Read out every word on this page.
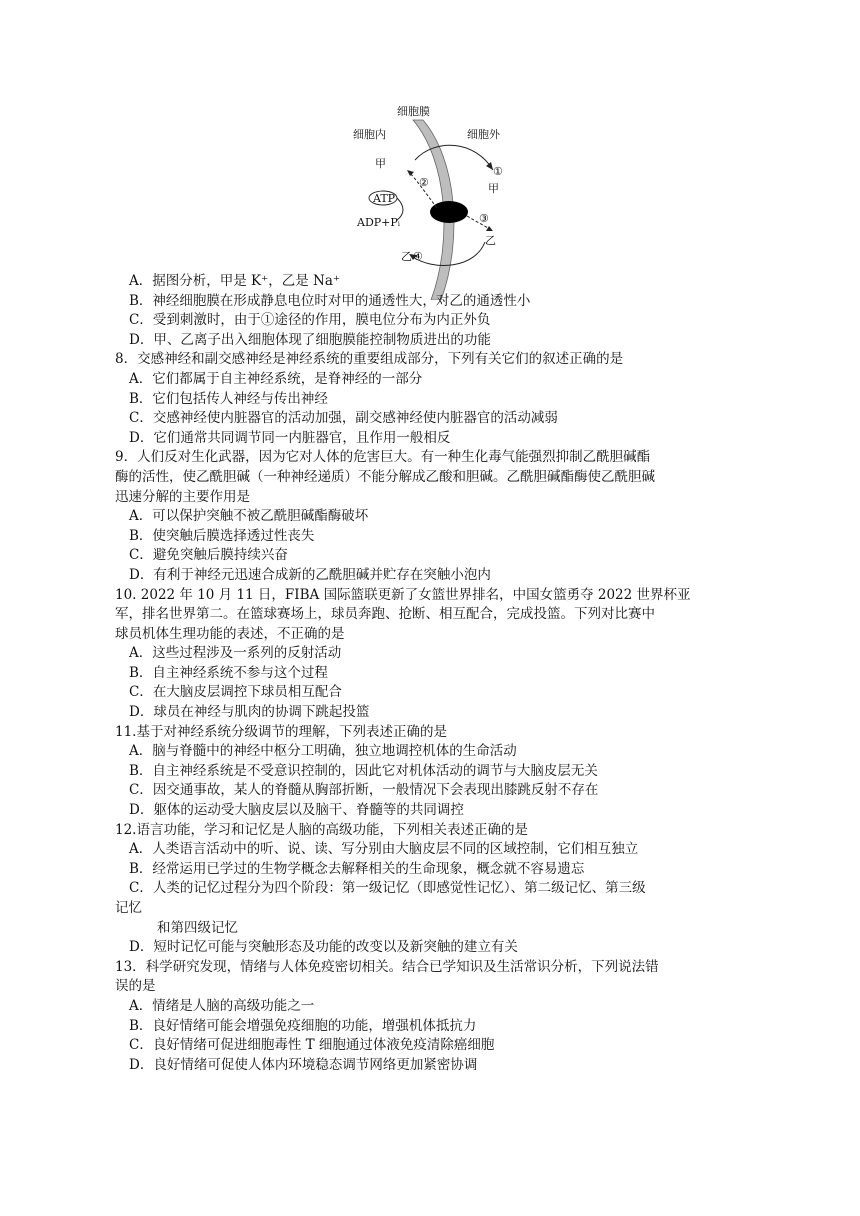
细胞膜
细胞内	细胞外
甲
①
②	甲
ATP
ADP+Pᵢ	③
乙
乙 ④
A．据图分析，甲是 K⁺，乙是 Na⁺
B．神经细胞膜在形成静息电位时对甲的通透性大，对乙的通透性小
C．受到刺激时，由于①途径的作用，膜电位分布为内正外负
D．甲、乙离子出入细胞体现了细胞膜能控制物质进出的功能
8．交感神经和副交感神经是神经系统的重要组成部分，下列有关它们的叙述正确的是
A．它们都属于自主神经系统，是脊神经的一部分
B．它们包括传人神经与传出神经
C．交感神经使内脏器官的活动加强，副交感神经使内脏器官的活动减弱
D．它们通常共同调节同一内脏器官，且作用一般相反
9．人们反对生化武器，因为它对人体的危害巨大。有一种生化毒气能强烈抑制乙酰胆碱酯
酶的活性，使乙酰胆碱（一种神经递质）不能分解成乙酸和胆碱。乙酰胆碱酯酶使乙酰胆碱
迅速分解的主要作用是
A．可以保护突触不被乙酰胆碱酯酶破坏
B．使突触后膜选择透过性丧失
C．避免突触后膜持续兴奋
D．有利于神经元迅速合成新的乙酰胆碱并贮存在突触小泡内
10. 2022 年 10 月 11 日，FIBA 国际篮联更新了女篮世界排名，中国女篮勇夺 2022 世界杯亚
军，排名世界第二。在篮球赛场上，球员奔跑、抢断、相互配合，完成投篮。下列对比赛中
球员机体生理功能的表述，不正确的是
A．这些过程涉及一系列的反射活动
B．自主神经系统不参与这个过程
C．在大脑皮层调控下球员相互配合
D．球员在神经与肌肉的协调下跳起投篮
11.基于对神经系统分级调节的理解，下列表述正确的是
A．脑与脊髓中的神经中枢分工明确，独立地调控机体的生命活动
B．自主神经系统是不受意识控制的，因此它对机体活动的调节与大脑皮层无关
C．因交通事故，某人的脊髓从胸部折断，一般情况下会表现出膝跳反射不存在
D．躯体的运动受大脑皮层以及脑干、脊髓等的共同调控
12.语言功能，学习和记忆是人脑的高级功能，下列相关表述正确的是
A．人类语言活动中的听、说、读、写分别由大脑皮层不同的区域控制，它们相互独立
B．经常运用已学过的生物学概念去解释相关的生命现象，概念就不容易遗忘
C．人类的记忆过程分为四个阶段：第一级记忆（即感觉性记忆）、第二级记忆、第三级
记忆
和第四级记忆
D．短时记忆可能与突触形态及功能的改变以及新突触的建立有关
13．科学研究发现，情绪与人体免疫密切相关。结合已学知识及生活常识分析，下列说法错
误的是
A．情绪是人脑的高级功能之一
B．良好情绪可能会增强免疫细胞的功能，增强机体抵抗力
C．良好情绪可促进细胞毒性 T 细胞通过体液免疫清除癌细胞
D．良好情绪可促使人体内环境稳态调节网络更加紧密协调
